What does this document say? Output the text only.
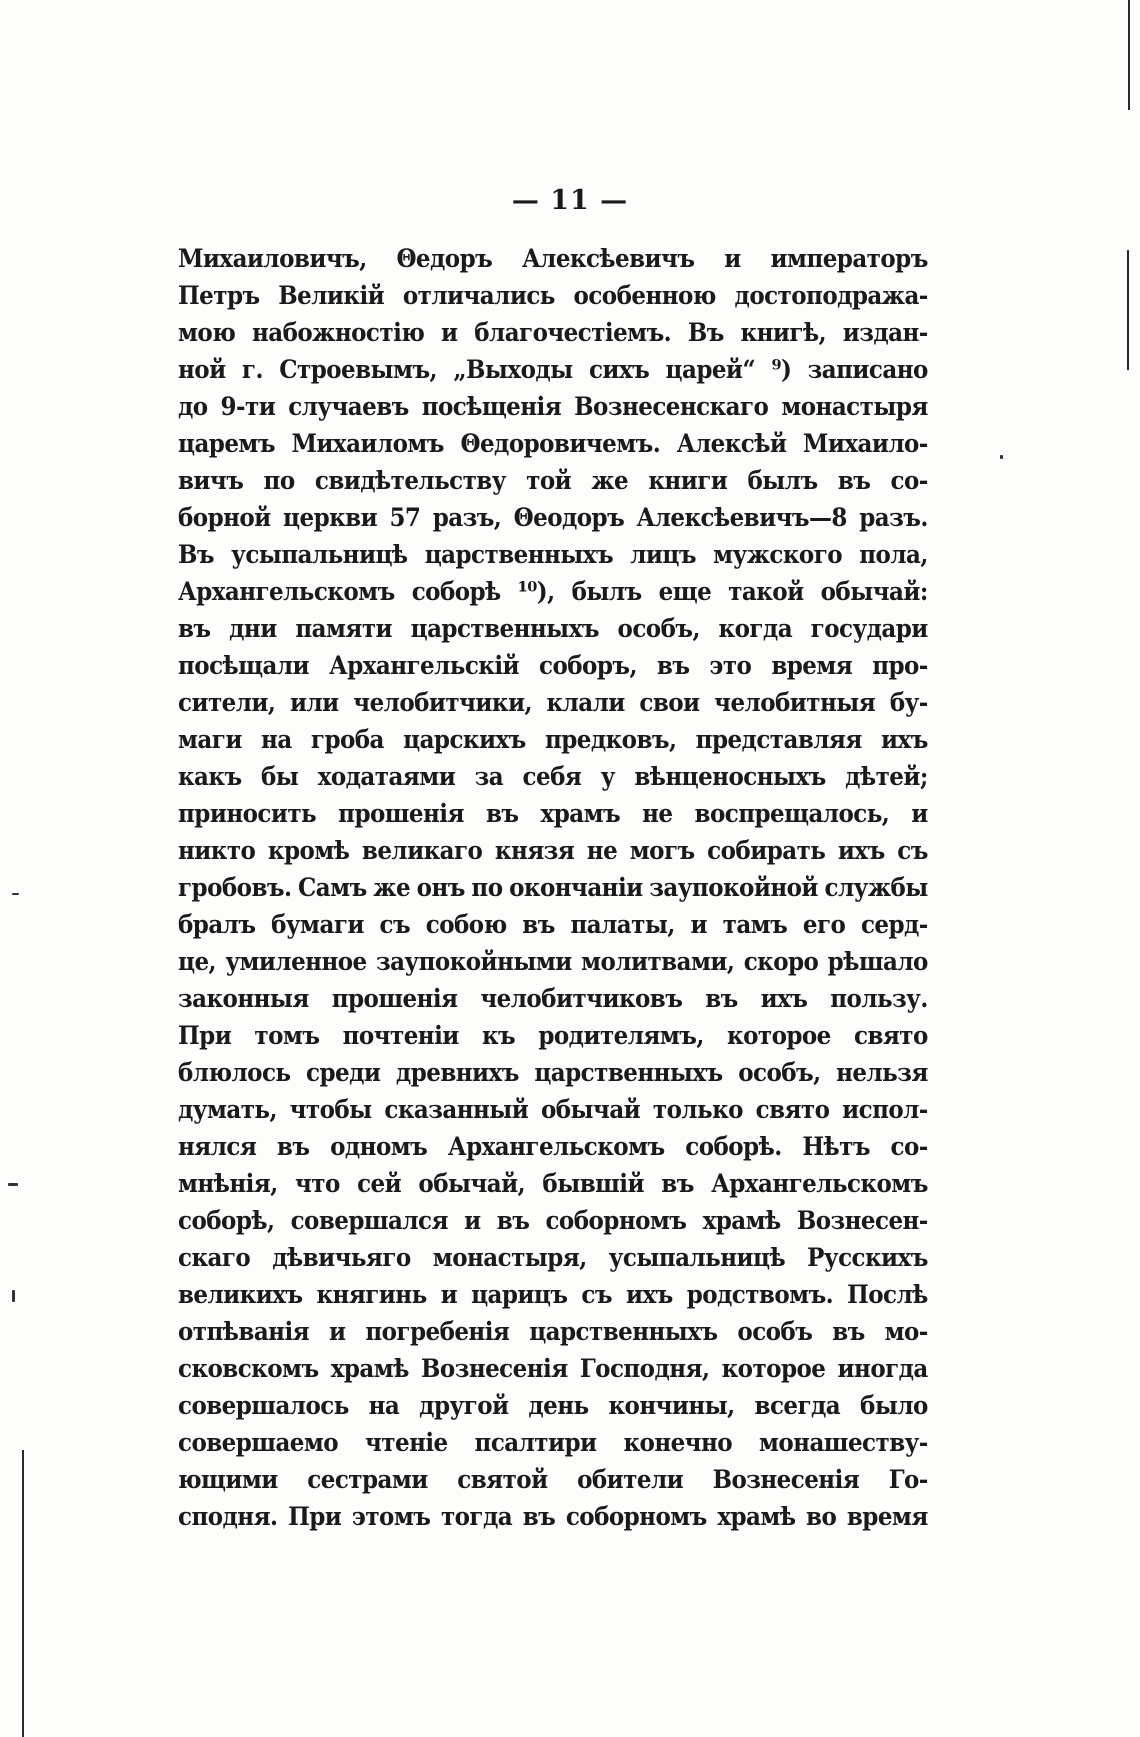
— 11 —
Михаиловичъ, Θедоръ Алексѣевичъ и императоръ
Петръ Великій отличались особенною достоподража-
мою набожностію и благочестіемъ. Въ книгѣ, издан-
ной г. Строевымъ, „Выходы сихъ царей“ ⁹) записано
до 9-ти случаевъ посѣщенія Вознесенскаго монастыря
царемъ Михаиломъ Θедоровичемъ. Алексѣй Михаило-
вичъ по свидѣтельству той же книги былъ въ со-
борной церкви 57 разъ, Θеодоръ Алексѣевичъ—8 разъ.
Въ усыпальницѣ царственныхъ лицъ мужского пола,
Архангельскомъ соборѣ ¹⁰), былъ еще такой обычай:
въ дни памяти царственныхъ особъ, когда государи
посѣщали Архангельскій соборъ, въ это время про-
сители, или челобитчики, клали свои челобитныя бу-
маги на гроба царскихъ предковъ, представляя ихъ
какъ бы ходатаями за себя у вѣнценосныхъ дѣтей;
приносить прошенія въ храмъ не воспрещалось, и
никто кромѣ великаго князя не могъ собирать ихъ съ
гробовъ. Самъ же онъ по окончаніи заупокойной службы
бралъ бумаги съ собою въ палаты, и тамъ его серд-
це, умиленное заупокойными молитвами, скоро рѣшало
законныя прошенія челобитчиковъ въ ихъ пользу.
При томъ почтеніи къ родителямъ, которое свято
блюлось среди древнихъ царственныхъ особъ, нельзя
думать, чтобы сказанный обычай только свято испол-
нялся въ одномъ Архангельскомъ соборѣ. Нѣтъ со-
мнѣнія, что сей обычай, бывшій въ Архангельскомъ
соборѣ, совершался и въ соборномъ храмѣ Вознесен-
скаго дѣвичьяго монастыря, усыпальницѣ Русскихъ
великихъ княгинь и царицъ съ ихъ родствомъ. Послѣ
отпѣванія и погребенія царственныхъ особъ въ мо-
сковскомъ храмѣ Вознесенія Господня, которое иногда
совершалось на другой день кончины, всегда было
совершаемо чтеніе псалтири конечно монашеству-
ющими сестрами святой обители Вознесенія Го-
сподня. При этомъ тогда въ соборномъ храмѣ во время
